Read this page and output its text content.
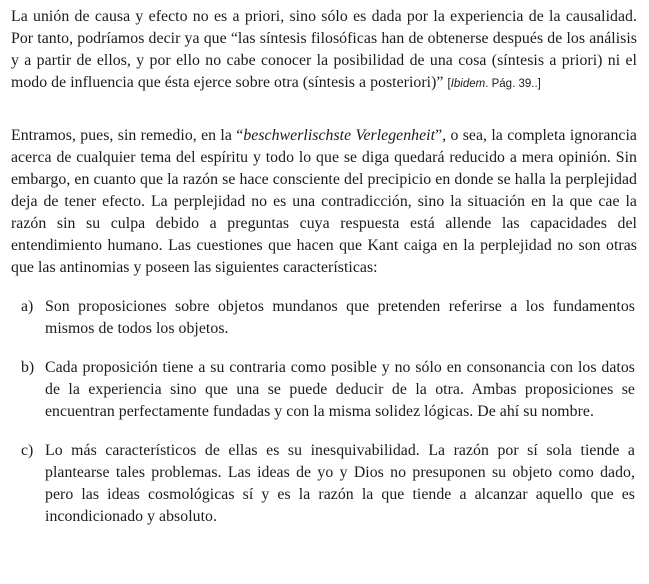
La unión de causa y efecto no es a priori, sino sólo es dada por la experiencia de la causalidad. Por tanto, podríamos decir ya que “las síntesis filosóficas han de obtenerse después de los análisis y a partir de ellos, y por ello no cabe conocer la posibilidad de una cosa (síntesis a priori) ni el modo de influencia que ésta ejerce sobre otra (síntesis a posteriori)” [Ibidem. Pág. 39..]

Entramos, pues, sin remedio, en la “beschwerlischste Verlegenheit”, o sea, la completa ignorancia acerca de cualquier tema del espíritu y todo lo que se diga quedará reducido a mera opinión. Sin embargo, en cuanto que la razón se hace consciente del precipicio en donde se halla la perplejidad deja de tener efecto. La perplejidad no es una contradicción, sino la situación en la que cae la razón sin su culpa debido a preguntas cuya respuesta está allende las capacidades del entendimiento humano. Las cuestiones que hacen que Kant caiga en la perplejidad no son otras que las antinomias y poseen las siguientes características:

a) Son proposiciones sobre objetos mundanos que pretenden referirse a los fundamentos mismos de todos los objetos.

b) Cada proposición tiene a su contraria como posible y no sólo en consonancia con los datos de la experiencia sino que una se puede deducir de la otra. Ambas proposiciones se encuentran perfectamente fundadas y con la misma solidez lógicas. De ahí su nombre.

c) Lo más característicos de ellas es su inesquivabilidad. La razón por sí sola tiende a plantearse tales problemas. Las ideas de yo y Dios no presuponen su objeto como dado, pero las ideas cosmológicas sí y es la razón la que tiende a alcanzar aquello que es incondicionado y absoluto.
